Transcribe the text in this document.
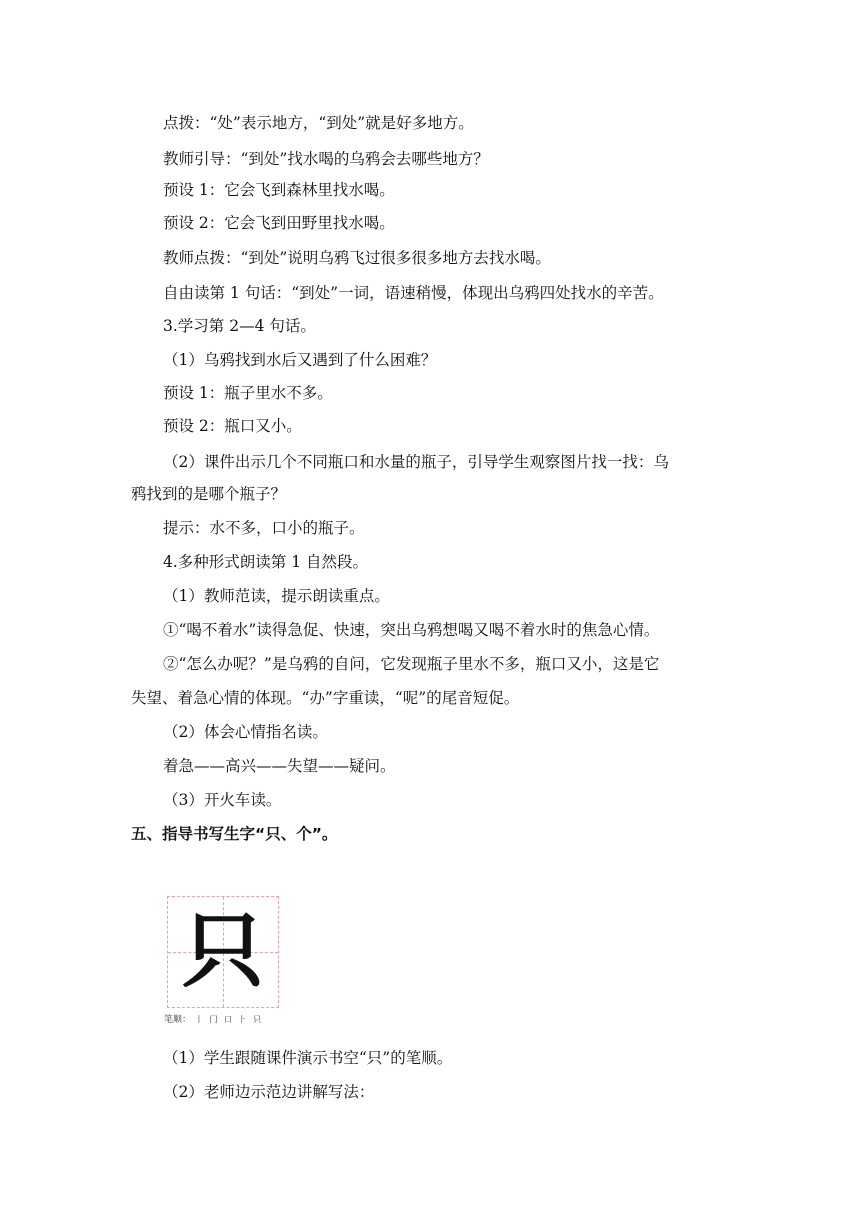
点拨：“处”表示地方，“到处”就是好多地方。
教师引导：“到处”找水喝的乌鸦会去哪些地方？
预设 1：它会飞到森林里找水喝。
预设 2：它会飞到田野里找水喝。
教师点拨：“到处”说明乌鸦飞过很多很多地方去找水喝。
自由读第 1 句话：“到处”一词，语速稍慢，体现出乌鸦四处找水的辛苦。
3.学习第 2—4 句话。
（1）乌鸦找到水后又遇到了什么困难？
预设 1：瓶子里水不多。
预设 2：瓶口又小。
（2）课件出示几个不同瓶口和水量的瓶子，引导学生观察图片找一找：乌
鸦找到的是哪个瓶子？
提示：水不多，口小的瓶子。
4.多种形式朗读第 1 自然段。
（1）教师范读，提示朗读重点。
①“喝不着水”读得急促、快速，突出乌鸦想喝又喝不着水时的焦急心情。
②“怎么办呢？”是乌鸦的自问，它发现瓶子里水不多，瓶口又小，这是它
失望、着急心情的体现。“办”字重读，“呢”的尾音短促。
（2）体会心情指名读。
着急——高兴——失望——疑问。
（3）开火车读。
五、指导书写生字“只、个”。
只
笔顺： 丨 冂 口 ⺊ 只
（1）学生跟随课件演示书空“只”的笔顺。
（2）老师边示范边讲解写法：
